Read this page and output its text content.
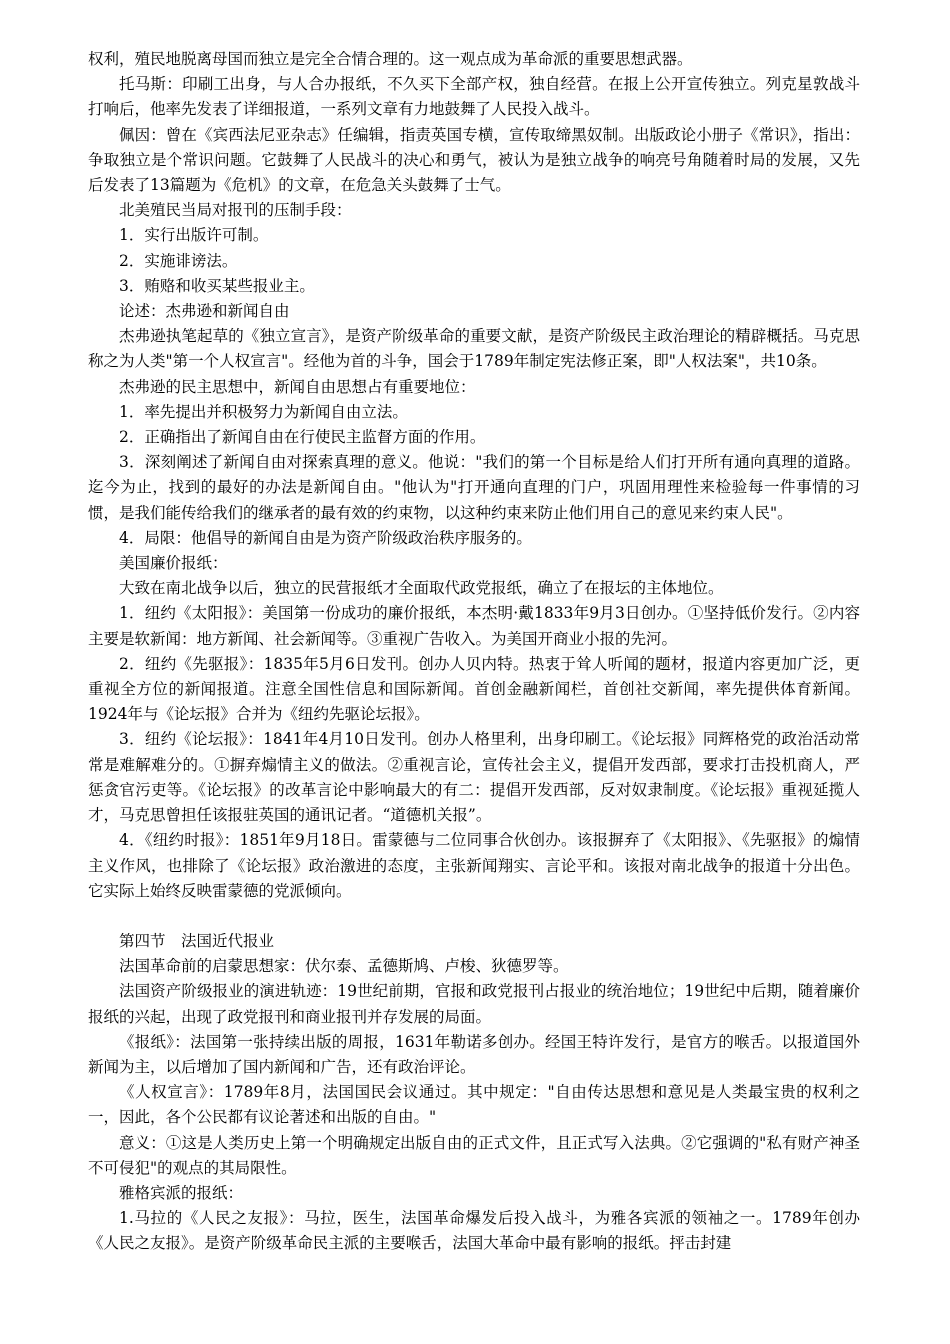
权利，殖民地脱离母国而独立是完全合情合理的。这一观点成为革命派的重要思想武器。

托马斯：印刷工出身，与人合办报纸，不久买下全部产权，独自经营。在报上公开宣传独立。列克星敦战斗打响后，他率先发表了详细报道，一系列文章有力地鼓舞了人民投入战斗。

佩因：曾在《宾西法尼亚杂志》任编辑，指责英国专横，宣传取缔黑奴制。出版政论小册子《常识》，指出：争取独立是个常识问题。它鼓舞了人民战斗的决心和勇气，被认为是独立战争的响亮号角随着时局的发展，又先后发表了13篇题为《危机》的文章，在危急关头鼓舞了士气。

北美殖民当局对报刊的压制手段：

1．实行出版许可制。

2．实施诽谤法。

3．贿赂和收买某些报业主。

论述：杰弗逊和新闻自由

杰弗逊执笔起草的《独立宣言》，是资产阶级革命的重要文献，是资产阶级民主政治理论的精辟概括。马克思称之为人类"第一个人权宣言"。经他为首的斗争，国会于1789年制定宪法修正案，即"人权法案"，共10条。

杰弗逊的民主思想中，新闻自由思想占有重要地位：

1．率先提出并积极努力为新闻自由立法。

2．正确指出了新闻自由在行使民主监督方面的作用。

3．深刻阐述了新闻自由对探索真理的意义。他说："我们的第一个目标是给人们打开所有通向真理的道路。迄今为止，找到的最好的办法是新闻自由。"他认为"打开通向直理的门户，巩固用理性来检验每一件事情的习惯，是我们能传给我们的继承者的最有效的约束物，以这种约束来防止他们用自己的意见来约束人民"。

4．局限：他倡导的新闻自由是为资产阶级政治秩序服务的。

美国廉价报纸：

大致在南北战争以后，独立的民营报纸才全面取代政党报纸，确立了在报坛的主体地位。

1．纽约《太阳报》：美国第一份成功的廉价报纸，本杰明·戴1833年9月3日创办。①坚持低价发行。②内容主要是软新闻：地方新闻、社会新闻等。③重视广告收入。为美国开商业小报的先河。

2．纽约《先驱报》：1835年5月6日发刊。创办人贝内特。热衷于耸人听闻的题材，报道内容更加广泛，更重视全方位的新闻报道。注意全国性信息和国际新闻。首创金融新闻栏，首创社交新闻，率先提供体育新闻。1924年与《论坛报》合并为《纽约先驱论坛报》。

3．纽约《论坛报》：1841年4月10日发刊。创办人格里利，出身印刷工。《论坛报》同辉格党的政治活动常常是难解难分的。①摒弃煽情主义的做法。②重视言论，宣传社会主义，提倡开发西部，要求打击投机商人，严惩贪官污吏等。《论坛报》的改革言论中影响最大的有二：提倡开发西部，反对奴隶制度。《论坛报》重视延揽人才，马克思曾担任该报驻英国的通讯记者。“道德机关报”。

4．《纽约时报》：1851年9月18日。雷蒙德与二位同事合伙创办。该报摒弃了《太阳报》、《先驱报》的煽情主义作风，也排除了《论坛报》政治激进的态度，主张新闻翔实、言论平和。该报对南北战争的报道十分出色。它实际上始终反映雷蒙德的党派倾向。

第四节　法国近代报业

法国革命前的启蒙思想家：伏尔泰、孟德斯鸠、卢梭、狄德罗等。

法国资产阶级报业的演进轨迹：19世纪前期，官报和政党报刊占报业的统治地位；19世纪中后期，随着廉价报纸的兴起，出现了政党报刊和商业报刊并存发展的局面。

《报纸》：法国第一张持续出版的周报，1631年勒诺多创办。经国王特许发行，是官方的喉舌。以报道国外新闻为主，以后增加了国内新闻和广告，还有政治评论。

《人权宣言》：1789年8月，法国国民会议通过。其中规定："自由传达思想和意见是人类最宝贵的权利之一，因此，各个公民都有议论著述和出版的自由。"

意义：①这是人类历史上第一个明确规定出版自由的正式文件，且正式写入法典。②它强调的"私有财产神圣不可侵犯"的观点的其局限性。

雅格宾派的报纸：

1.马拉的《人民之友报》：马拉，医生，法国革命爆发后投入战斗，为雅各宾派的领袖之一。1789年创办《人民之友报》。是资产阶级革命民主派的主要喉舌，法国大革命中最有影响的报纸。抨击封建
